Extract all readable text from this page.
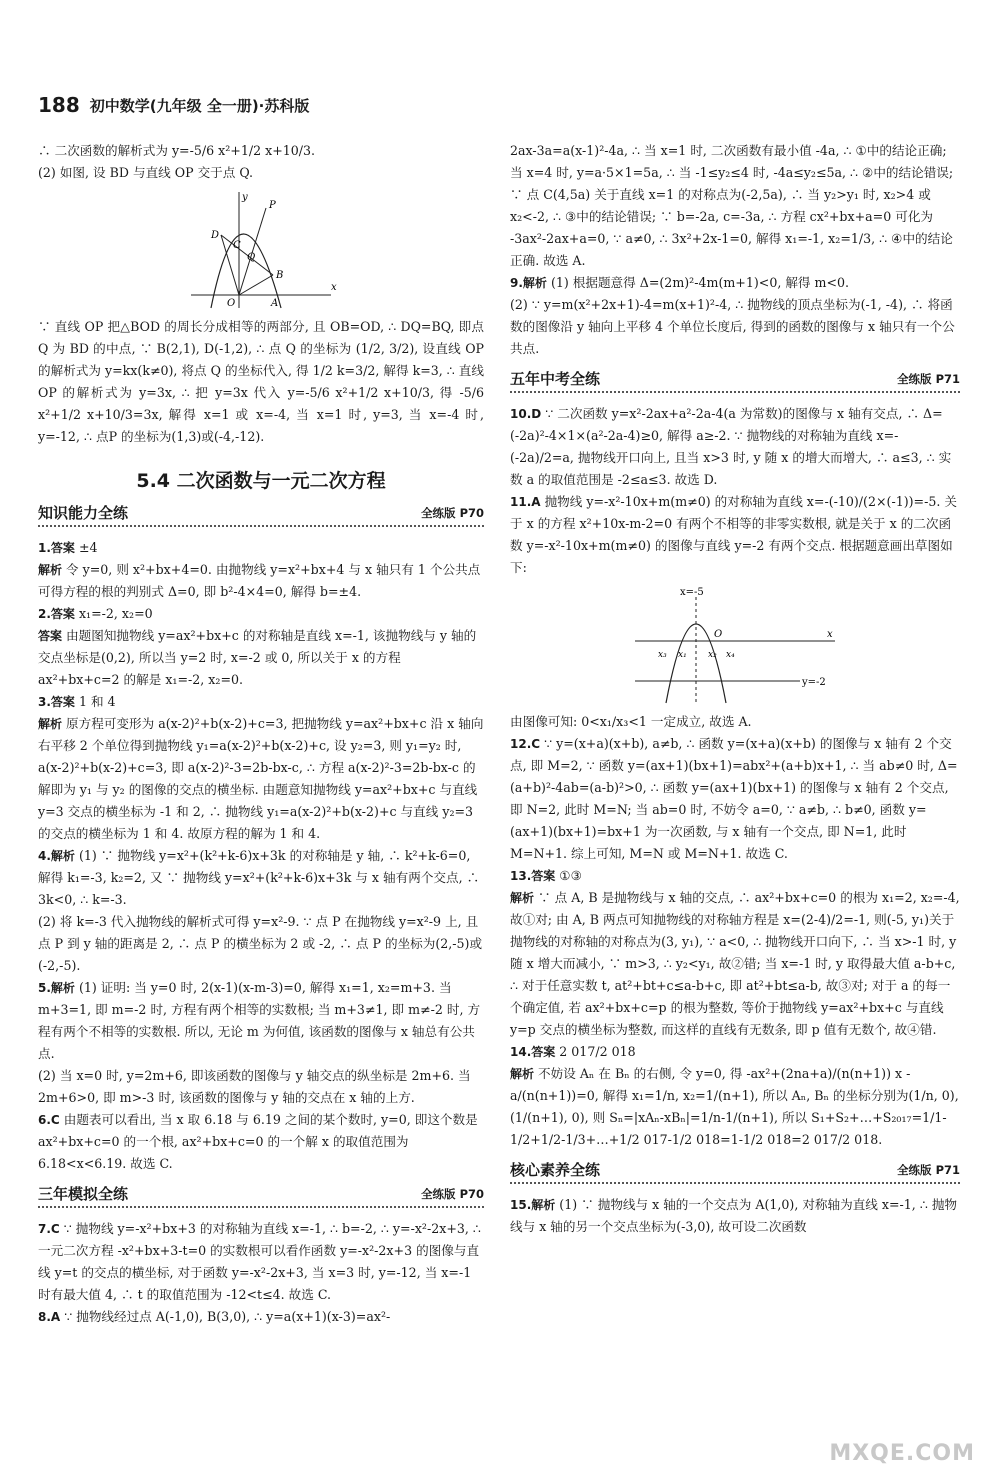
188 初中数学(九年级 全一册)·苏科版

∴ 二次函数的解析式为 y=-5/6 x²+1/2 x+10/3.

(2) 如图, 设 BD 与直线 OP 交于点 Q.

D
C
P
Q
B
O	A
x
y

∵ 直线 OP 把△BOD 的周长分成相等的两部分, 且 OB=OD, ∴ DQ=BQ, 即点 Q 为 BD 的中点, ∵ B(2,1), D(-1,2), ∴ 点 Q 的坐标为 (1/2, 3/2), 设直线 OP 的解析式为 y=kx(k≠0), 将点 Q 的坐标代入, 得 1/2 k=3/2, 解得 k=3, ∴ 直线 OP 的解析式为 y=3x, ∴ 把 y=3x 代入 y=-5/6 x²+1/2 x+10/3, 得 -5/6 x²+1/2 x+10/3=3x, 解得 x=1 或 x=-4, 当 x=1 时, y=3, 当 x=-4 时, y=-12, ∴ 点P 的坐标为(1,3)或(-4,-12).

5.4 二次函数与一元二次方程
知识能力全练	全练版 P70

1.答案 ±4

解析 令 y=0, 则 x²+bx+4=0. 由抛物线 y=x²+bx+4 与 x 轴只有 1 个公共点可得方程的根的判别式 Δ=0, 即 b²-4×4=0, 解得 b=±4.

2.答案 x₁=-2, x₂=0

答案 由题图知抛物线 y=ax²+bx+c 的对称轴是直线 x=-1, 该抛物线与 y 轴的交点坐标是(0,2), 所以当 y=2 时, x=-2 或 0, 所以关于 x 的方程 ax²+bx+c=2 的解是 x₁=-2, x₂=0.

3.答案 1 和 4

解析 原方程可变形为 a(x-2)²+b(x-2)+c=3, 把抛物线 y=ax²+bx+c 沿 x 轴向右平移 2 个单位得到抛物线 y₁=a(x-2)²+b(x-2)+c, 设 y₂=3, 则 y₁=y₂ 时, a(x-2)²+b(x-2)+c=3, 即 a(x-2)²-3=2b-bx-c, ∴ 方程 a(x-2)²-3=2b-bx-c 的解即为 y₁ 与 y₂ 的图像的交点的横坐标. 由题意知抛物线 y=ax²+bx+c 与直线 y=3 交点的横坐标为 -1 和 2, ∴ 抛物线 y₁=a(x-2)²+b(x-2)+c 与直线 y₂=3 的交点的横坐标为 1 和 4. 故原方程的解为 1 和 4.

4.解析 (1) ∵ 抛物线 y=x²+(k²+k-6)x+3k 的对称轴是 y 轴, ∴ k²+k-6=0, 解得 k₁=-3, k₂=2, 又 ∵ 抛物线 y=x²+(k²+k-6)x+3k 与 x 轴有两个交点, ∴ 3k<0, ∴ k=-3.

(2) 将 k=-3 代入抛物线的解析式可得 y=x²-9. ∵ 点 P 在抛物线 y=x²-9 上, 且点 P 到 y 轴的距离是 2, ∴ 点 P 的横坐标为 2 或 -2, ∴ 点 P 的坐标为(2,-5)或(-2,-5).

5.解析 (1) 证明: 当 y=0 时, 2(x-1)(x-m-3)=0, 解得 x₁=1, x₂=m+3. 当 m+3=1, 即 m=-2 时, 方程有两个相等的实数根; 当 m+3≠1, 即 m≠-2 时, 方程有两个不相等的实数根. 所以, 无论 m 为何值, 该函数的图像与 x 轴总有公共点.

(2) 当 x=0 时, y=2m+6, 即该函数的图像与 y 轴交点的纵坐标是 2m+6. 当 2m+6>0, 即 m>-3 时, 该函数的图像与 y 轴的交点在 x 轴的上方.

6.C 由题表可以看出, 当 x 取 6.18 与 6.19 之间的某个数时, y=0, 即这个数是 ax²+bx+c=0 的一个根, ax²+bx+c=0 的一个解 x 的取值范围为 6.18<x<6.19. 故选 C.

三年模拟全练	全练版 P70

7.C ∵ 抛物线 y=-x²+bx+3 的对称轴为直线 x=-1, ∴ b=-2, ∴ y=-x²-2x+3, ∴ 一元二次方程 -x²+bx+3-t=0 的实数根可以看作函数 y=-x²-2x+3 的图像与直线 y=t 的交点的横坐标, 对于函数 y=-x²-2x+3, 当 x=3 时, y=-12, 当 x=-1 时有最大值 4, ∴ t 的取值范围为 -12<t≤4. 故选 C.

8.A ∵ 抛物线经过点 A(-1,0), B(3,0), ∴ y=a(x+1)(x-3)=ax²-

2ax-3a=a(x-1)²-4a, ∴ 当 x=1 时, 二次函数有最小值 -4a, ∴ ①中的结论正确; 当 x=4 时, y=a·5×1=5a, ∴ 当 -1≤y₂≤4 时, -4a≤y₂≤5a, ∴ ②中的结论错误; ∵ 点 C(4,5a) 关于直线 x=1 的对称点为(-2,5a), ∴ 当 y₂>y₁ 时, x₂>4 或 x₂<-2, ∴ ③中的结论错误; ∵ b=-2a, c=-3a, ∴ 方程 cx²+bx+a=0 可化为 -3ax²-2ax+a=0, ∵ a≠0, ∴ 3x²+2x-1=0, 解得 x₁=-1, x₂=1/3, ∴ ④中的结论正确. 故选 A.

9.解析 (1) 根据题意得 Δ=(2m)²-4m(m+1)<0, 解得 m<0.

(2) ∵ y=m(x²+2x+1)-4=m(x+1)²-4, ∴ 抛物线的顶点坐标为(-1, -4), ∴ 将函数的图像沿 y 轴向上平移 4 个单位长度后, 得到的函数的图像与 x 轴只有一个公共点.

五年中考全练	全练版 P71

10.D ∵ 二次函数 y=x²-2ax+a²-2a-4(a 为常数)的图像与 x 轴有交点, ∴ Δ=(-2a)²-4×1×(a²-2a-4)≥0, 解得 a≥-2. ∵ 抛物线的对称轴为直线 x=-(-2a)/2=a, 抛物线开口向上, 且当 x>3 时, y 随 x 的增大而增大, ∴ a≤3, ∴ 实数 a 的取值范围是 -2≤a≤3. 故选 D.

11.A 抛物线 y=-x²-10x+m(m≠0) 的对称轴为直线 x=-(-10)/(2×(-1))=-5. 关于 x 的方程 x²+10x-m-2=0 有两个不相等的非零实数根, 就是关于 x 的二次函数 y=-x²-10x+m(m≠0) 的图像与直线 y=-2 有两个交点. 根据题意画出草图如下:

x=-5
x₃ x₁ x₂ x₄
O	x
y=-2

由图像可知: 0<x₁/x₃<1 一定成立, 故选 A.

12.C ∵ y=(x+a)(x+b), a≠b, ∴ 函数 y=(x+a)(x+b) 的图像与 x 轴有 2 个交点, 即 M=2, ∵ 函数 y=(ax+1)(bx+1)=abx²+(a+b)x+1, ∴ 当 ab≠0 时, Δ=(a+b)²-4ab=(a-b)²>0, ∴ 函数 y=(ax+1)(bx+1) 的图像与 x 轴有 2 个交点, 即 N=2, 此时 M=N; 当 ab=0 时, 不妨令 a=0, ∵ a≠b, ∴ b≠0, 函数 y=(ax+1)(bx+1)=bx+1 为一次函数, 与 x 轴有一个交点, 即 N=1, 此时 M=N+1. 综上可知, M=N 或 M=N+1. 故选 C.

13.答案 ①③

解析 ∵ 点 A, B 是抛物线与 x 轴的交点, ∴ ax²+bx+c=0 的根为 x₁=2, x₂=-4, 故①对; 由 A, B 两点可知抛物线的对称轴方程是 x=(2-4)/2=-1, 则(-5, y₁)关于抛物线的对称轴的对称点为(3, y₁), ∵ a<0, ∴ 抛物线开口向下, ∴ 当 x>-1 时, y 随 x 增大而减小, ∵ m>3, ∴ y₂<y₁, 故②错; 当 x=-1 时, y 取得最大值 a-b+c, ∴ 对于任意实数 t, at²+bt+c≤a-b+c, 即 at²+bt≤a-b, 故③对; 对于 a 的每一个确定值, 若 ax²+bx+c=p 的根为整数, 等价于抛物线 y=ax²+bx+c 与直线 y=p 交点的横坐标为整数, 而这样的直线有无数条, 即 p 值有无数个, 故④错.

14.答案 2 017/2 018

解析 不妨设 Aₙ 在 Bₙ 的右侧, 令 y=0, 得 -ax²+(2na+a)/(n(n+1)) x - a/(n(n+1))=0, 解得 x₁=1/n, x₂=1/(n+1), 所以 Aₙ, Bₙ 的坐标分别为(1/n, 0), (1/(n+1), 0), 则 Sₙ=|xAₙ-xBₙ|=1/n-1/(n+1), 所以 S₁+S₂+…+S₂₀₁₇=1/1-1/2+1/2-1/3+…+1/2 017-1/2 018=1-1/2 018=2 017/2 018.

核心素养全练	全练版 P71

15.解析 (1) ∵ 抛物线与 x 轴的一个交点为 A(1,0), 对称轴为直线 x=-1, ∴ 抛物线与 x 轴的另一个交点坐标为(-3,0), 故可设二次函数

MXQE.COM
